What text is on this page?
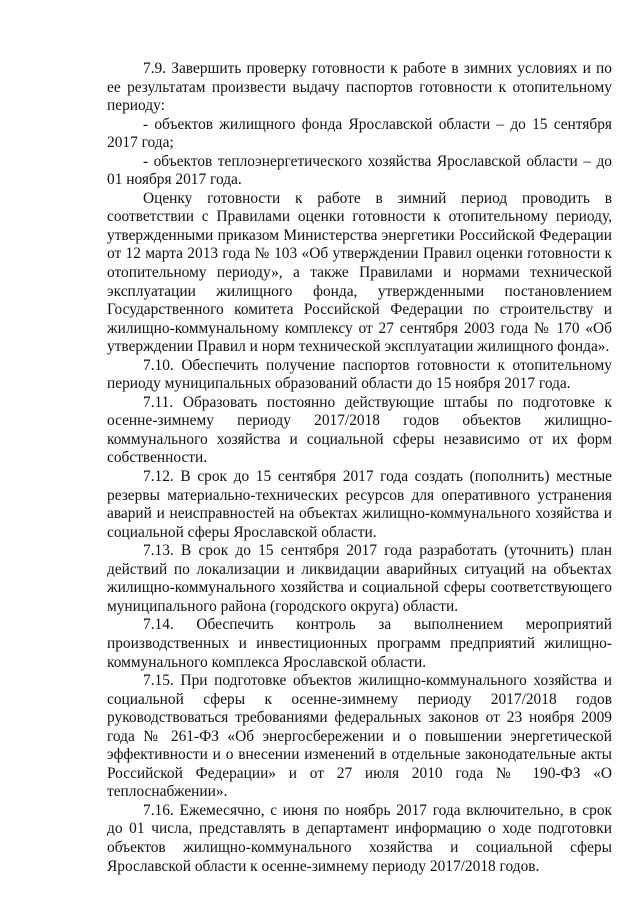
7.9. Завершить проверку готовности к работе в зимних условиях и по ее результатам произвести выдачу паспортов готовности к отопительному периоду:

- объектов жилищного фонда Ярославской области – до 15 сентября 2017 года;

- объектов теплоэнергетического хозяйства Ярославской области – до 01 ноября 2017 года.

Оценку готовности к работе в зимний период проводить в соответствии с Правилами оценки готовности к отопительному периоду, утвержденными приказом Министерства энергетики Российской Федерации от 12 марта 2013 года № 103 «Об утверждении Правил оценки готовности к отопительному периоду», а также Правилами и нормами технической эксплуатации жилищного фонда, утвержденными постановлением Государственного комитета Российской Федерации по строительству и жилищно-коммунальному комплексу от 27 сентября 2003 года № 170 «Об утверждении Правил и норм технической эксплуатации жилищного фонда».

7.10. Обеспечить получение паспортов готовности к отопительному периоду муниципальных образований области до 15 ноября 2017 года.

7.11. Образовать постоянно действующие штабы по подготовке к осенне-зимнему периоду 2017/2018 годов объектов жилищно-коммунального хозяйства и социальной сферы независимо от их форм собственности.

7.12. В срок до 15 сентября 2017 года создать (пополнить) местные резервы материально-технических ресурсов для оперативного устранения аварий и неисправностей на объектах жилищно-коммунального хозяйства и социальной сферы Ярославской области.

7.13. В срок до 15 сентября 2017 года разработать (уточнить) план действий по локализации и ликвидации аварийных ситуаций на объектах жилищно-коммунального хозяйства и социальной сферы соответствующего муниципального района (городского округа) области.

7.14. Обеспечить контроль за выполнением мероприятий производственных и инвестиционных программ предприятий жилищно-коммунального комплекса Ярославской области.

7.15. При подготовке объектов жилищно-коммунального хозяйства и социальной сферы к осенне-зимнему периоду 2017/2018 годов руководствоваться требованиями федеральных законов от 23 ноября 2009 года № 261-ФЗ «Об энергосбережении и о повышении энергетической эффективности и о внесении изменений в отдельные законодательные акты Российской Федерации» и от 27 июля 2010 года № 190-ФЗ «О теплоснабжении».

7.16. Ежемесячно, с июня по ноябрь 2017 года включительно, в срок до 01 числа, представлять в департамент информацию о ходе подготовки объектов жилищно-коммунального хозяйства и социальной сферы Ярославской области к осенне-зимнему периоду 2017/2018 годов.
